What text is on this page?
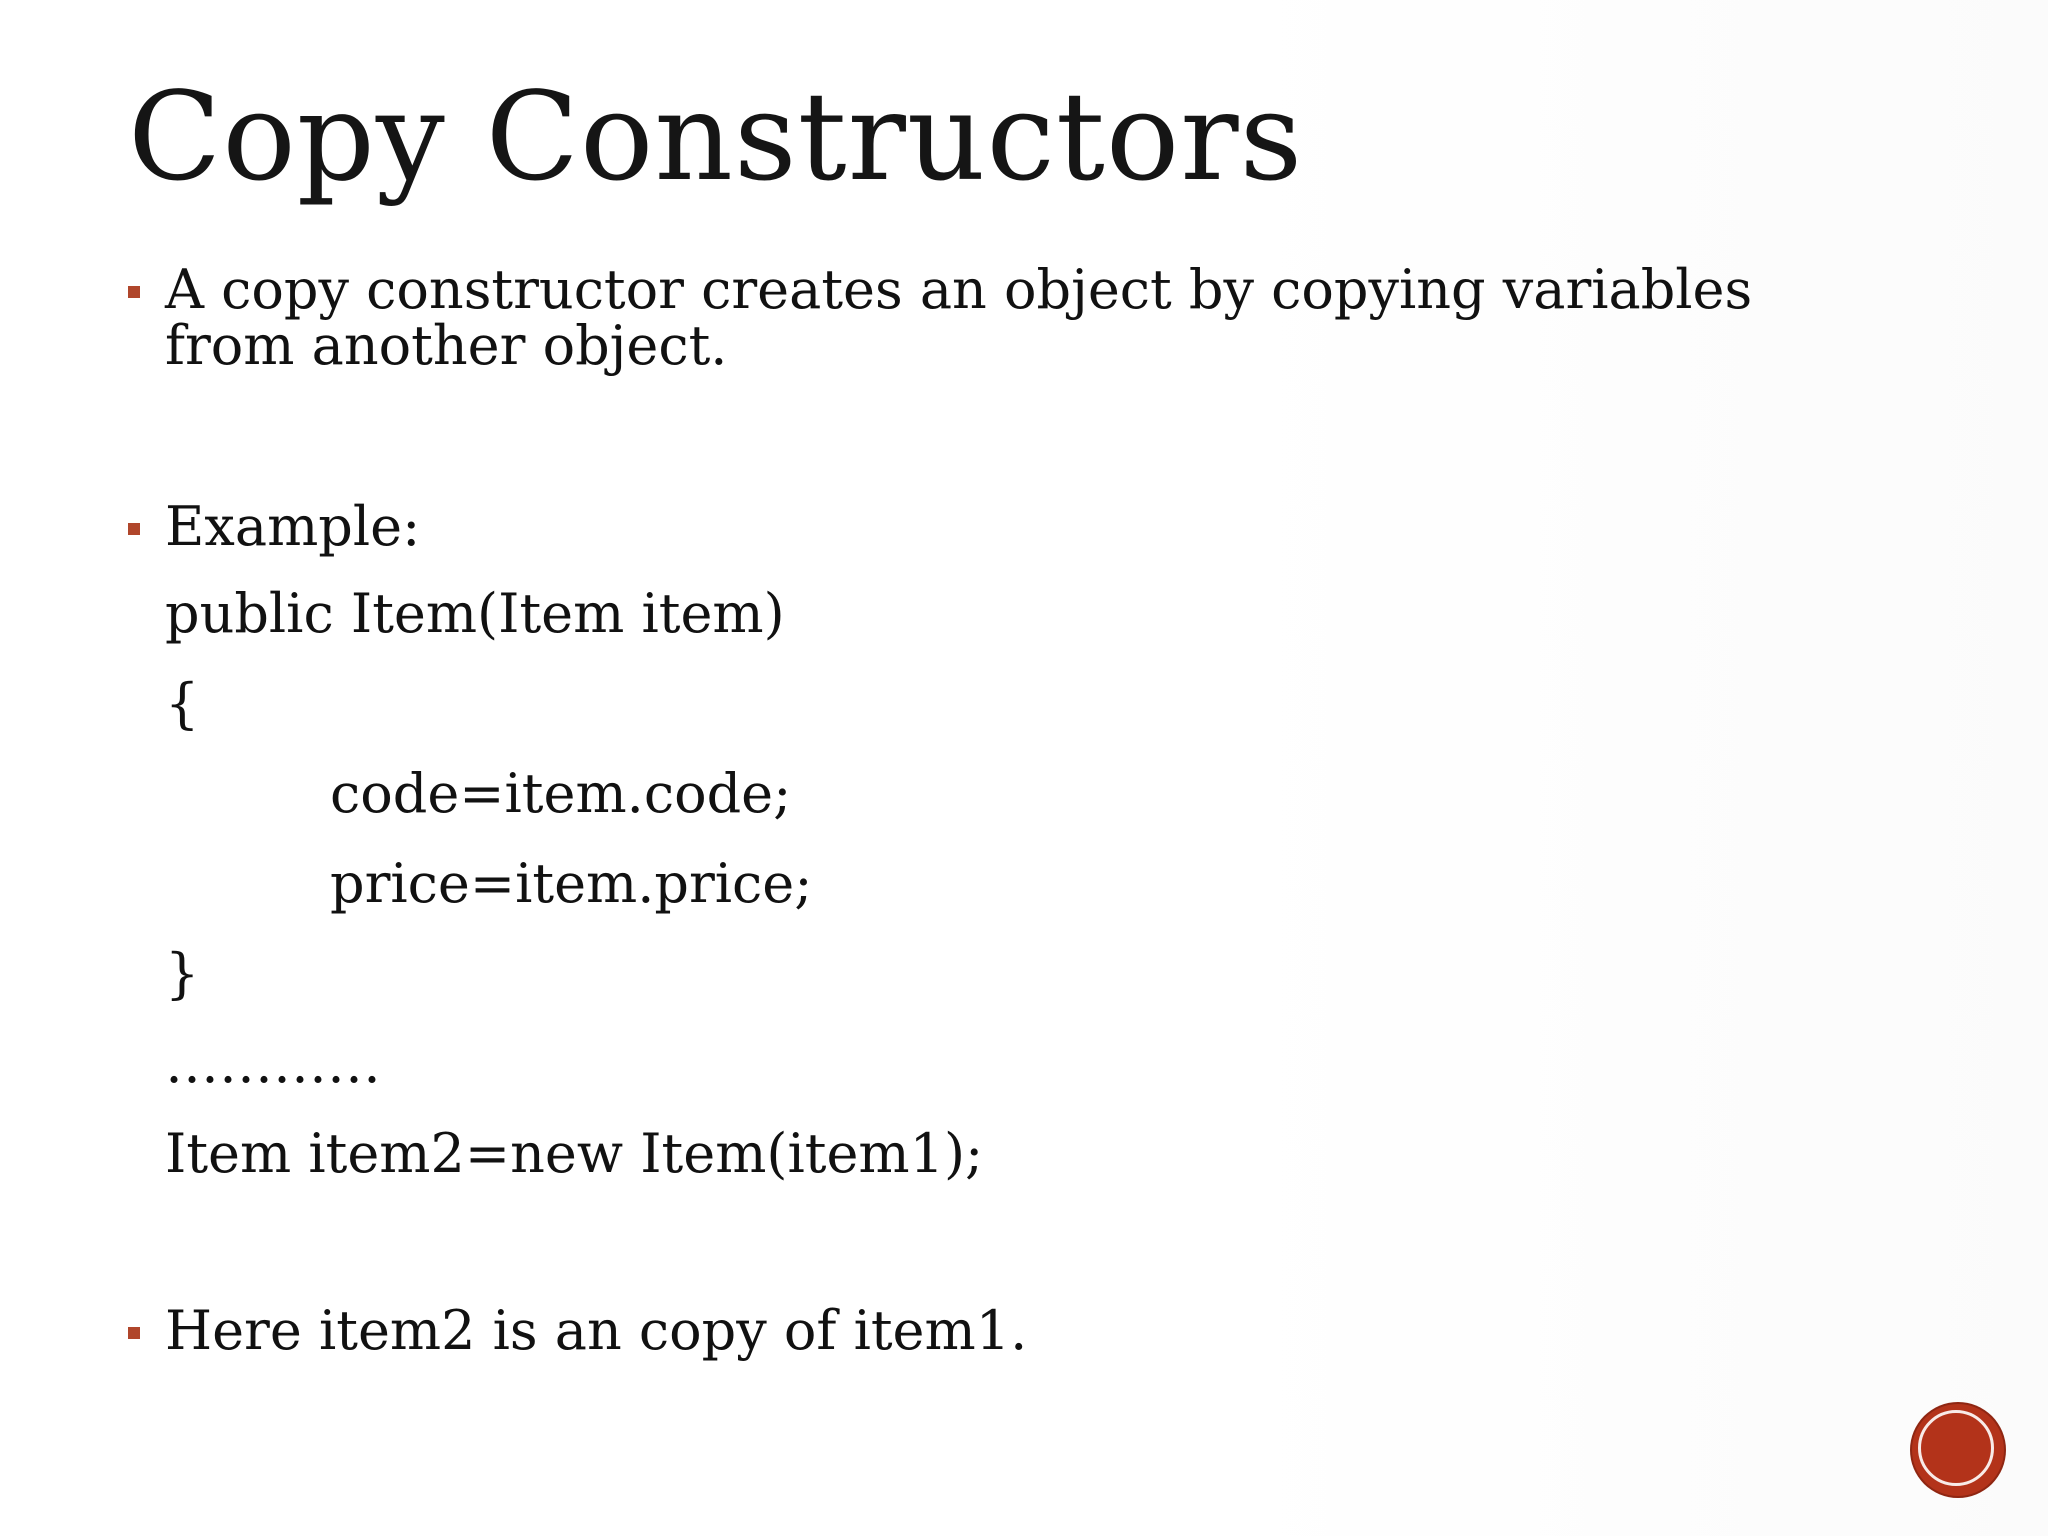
Copy Constructors
A copy constructor creates an object by copying variables
from another object.
Example:
public Item(Item item)
{
code=item.code;
price=item.price;
}
…………
Item item2=new Item(item1);
Here item2 is an copy of item1.
